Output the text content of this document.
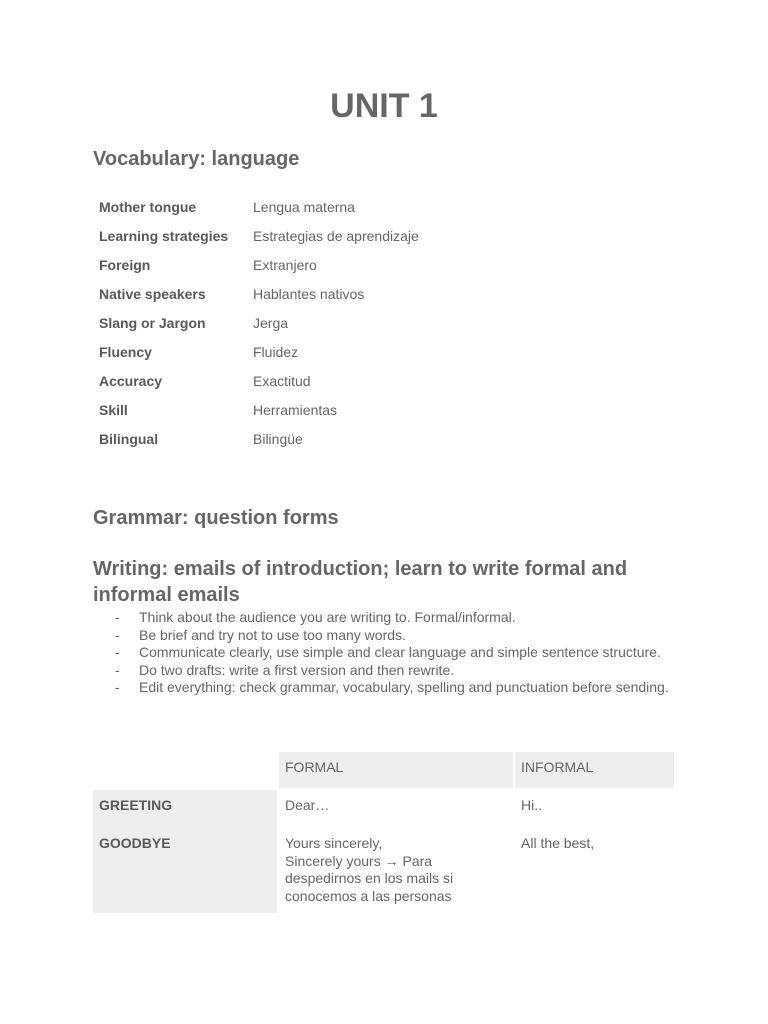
UNIT 1
Vocabulary: language
Mother tongue	Lengua materna
Learning strategies	Estrategias de aprendizaje
Foreign	Extranjero
Native speakers	Hablantes nativos
Slang or Jargon	Jerga
Fluency	Fluidez
Accuracy	Exactitud
Skill	Herramientas
Bilingual	Bilingüe
Grammar: question forms
Writing: emails of introduction; learn to write formal and informal emails
- Think about the audience you are writing to. Formal/informal.
- Be brief and try not to use too many words.
- Communicate clearly, use simple and clear language and simple sentence structure.
- Do two drafts: write a first version and then rewrite.
- Edit everything: check grammar, vocabulary, spelling and punctuation before sending.
	FORMAL	INFORMAL

GREETING	Dear…	Hi..

GOODBYE	Yours sincerely,
Sincerely yours → Para despedirnos en los mails si conocemos a las personas	All the best,
